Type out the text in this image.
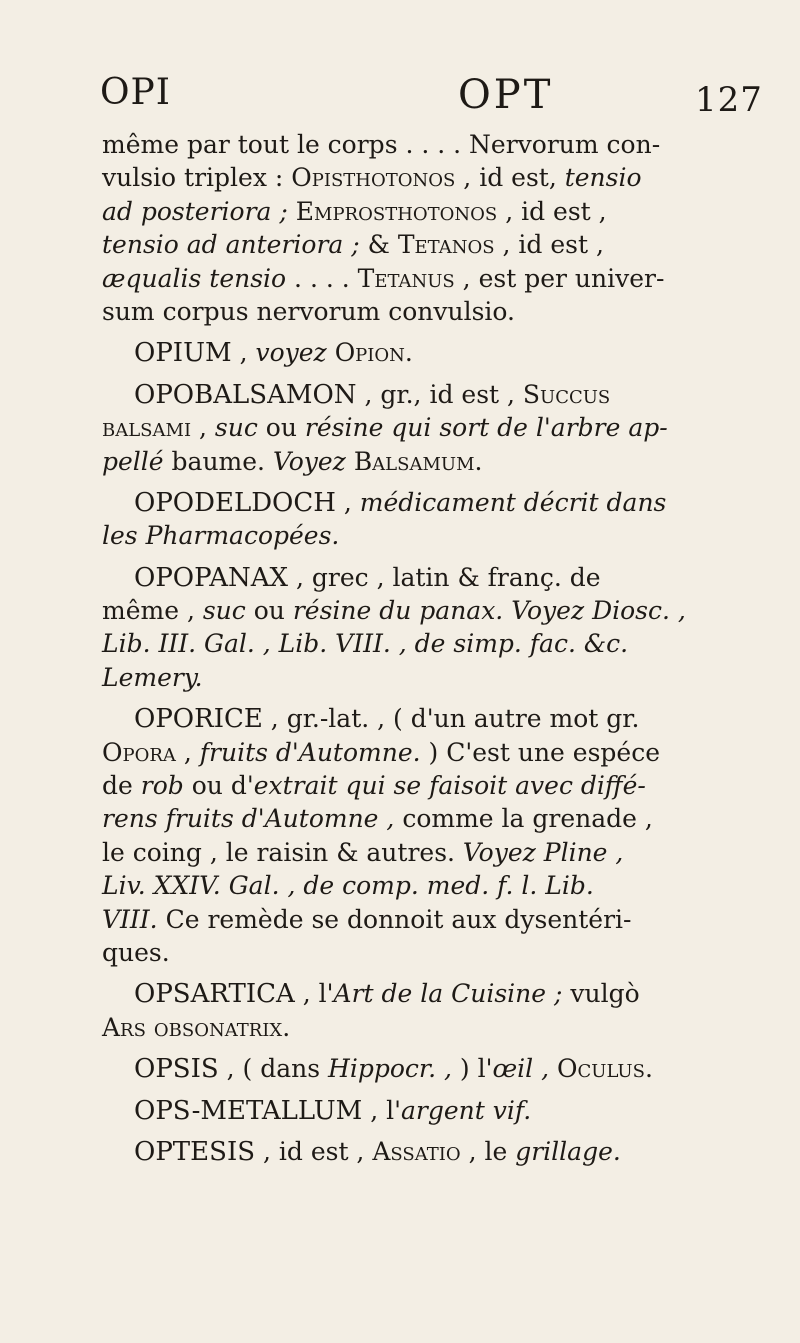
OPI	OPT	127
même par tout le corps . . . . Nervorum con-
vulsio triplex : Opisthotonos , id est, tensio
ad posteriora ; Emprosthotonos , id est ,
tensio ad anteriora ; & Tetanos , id est ,
æqualis tensio . . . . Tetanus , est per univer-
sum corpus nervorum convulsio.
OPIUM , voyez Opion.
OPOBALSAMON , gr., id est , Succus
balsami , suc ou résine qui sort de l'arbre ap-
pellé baume. Voyez Balsamum.
OPODELDOCH , médicament décrit dans
les Pharmacopées.
OPOPANAX , grec , latin & franç. de
même , suc ou résine du panax. Voyez Diosc. ,
Lib. III. Gal. , Lib. VIII. , de simp. fac. &c.
Lemery.
OPORICE , gr.-lat. , ( d'un autre mot gr.
Opora , fruits d'Automne. ) C'est une espéce
de rob ou d'extrait qui se faisoit avec diffé-
rens fruits d'Automne , comme la grenade ,
le coing , le raisin & autres. Voyez Pline ,
Liv. XXIV. Gal. , de comp. med. f. l. Lib.
VIII. Ce remède se donnoit aux dysentéri-
ques.
OPSARTICA , l'Art de la Cuisine ; vulgò
Ars obsonatrix.
OPSIS , ( dans Hippocr. , ) l'œil , Oculus.
OPS-METALLUM , l'argent vif.
OPTESIS , id est , Assatio , le grillage.
